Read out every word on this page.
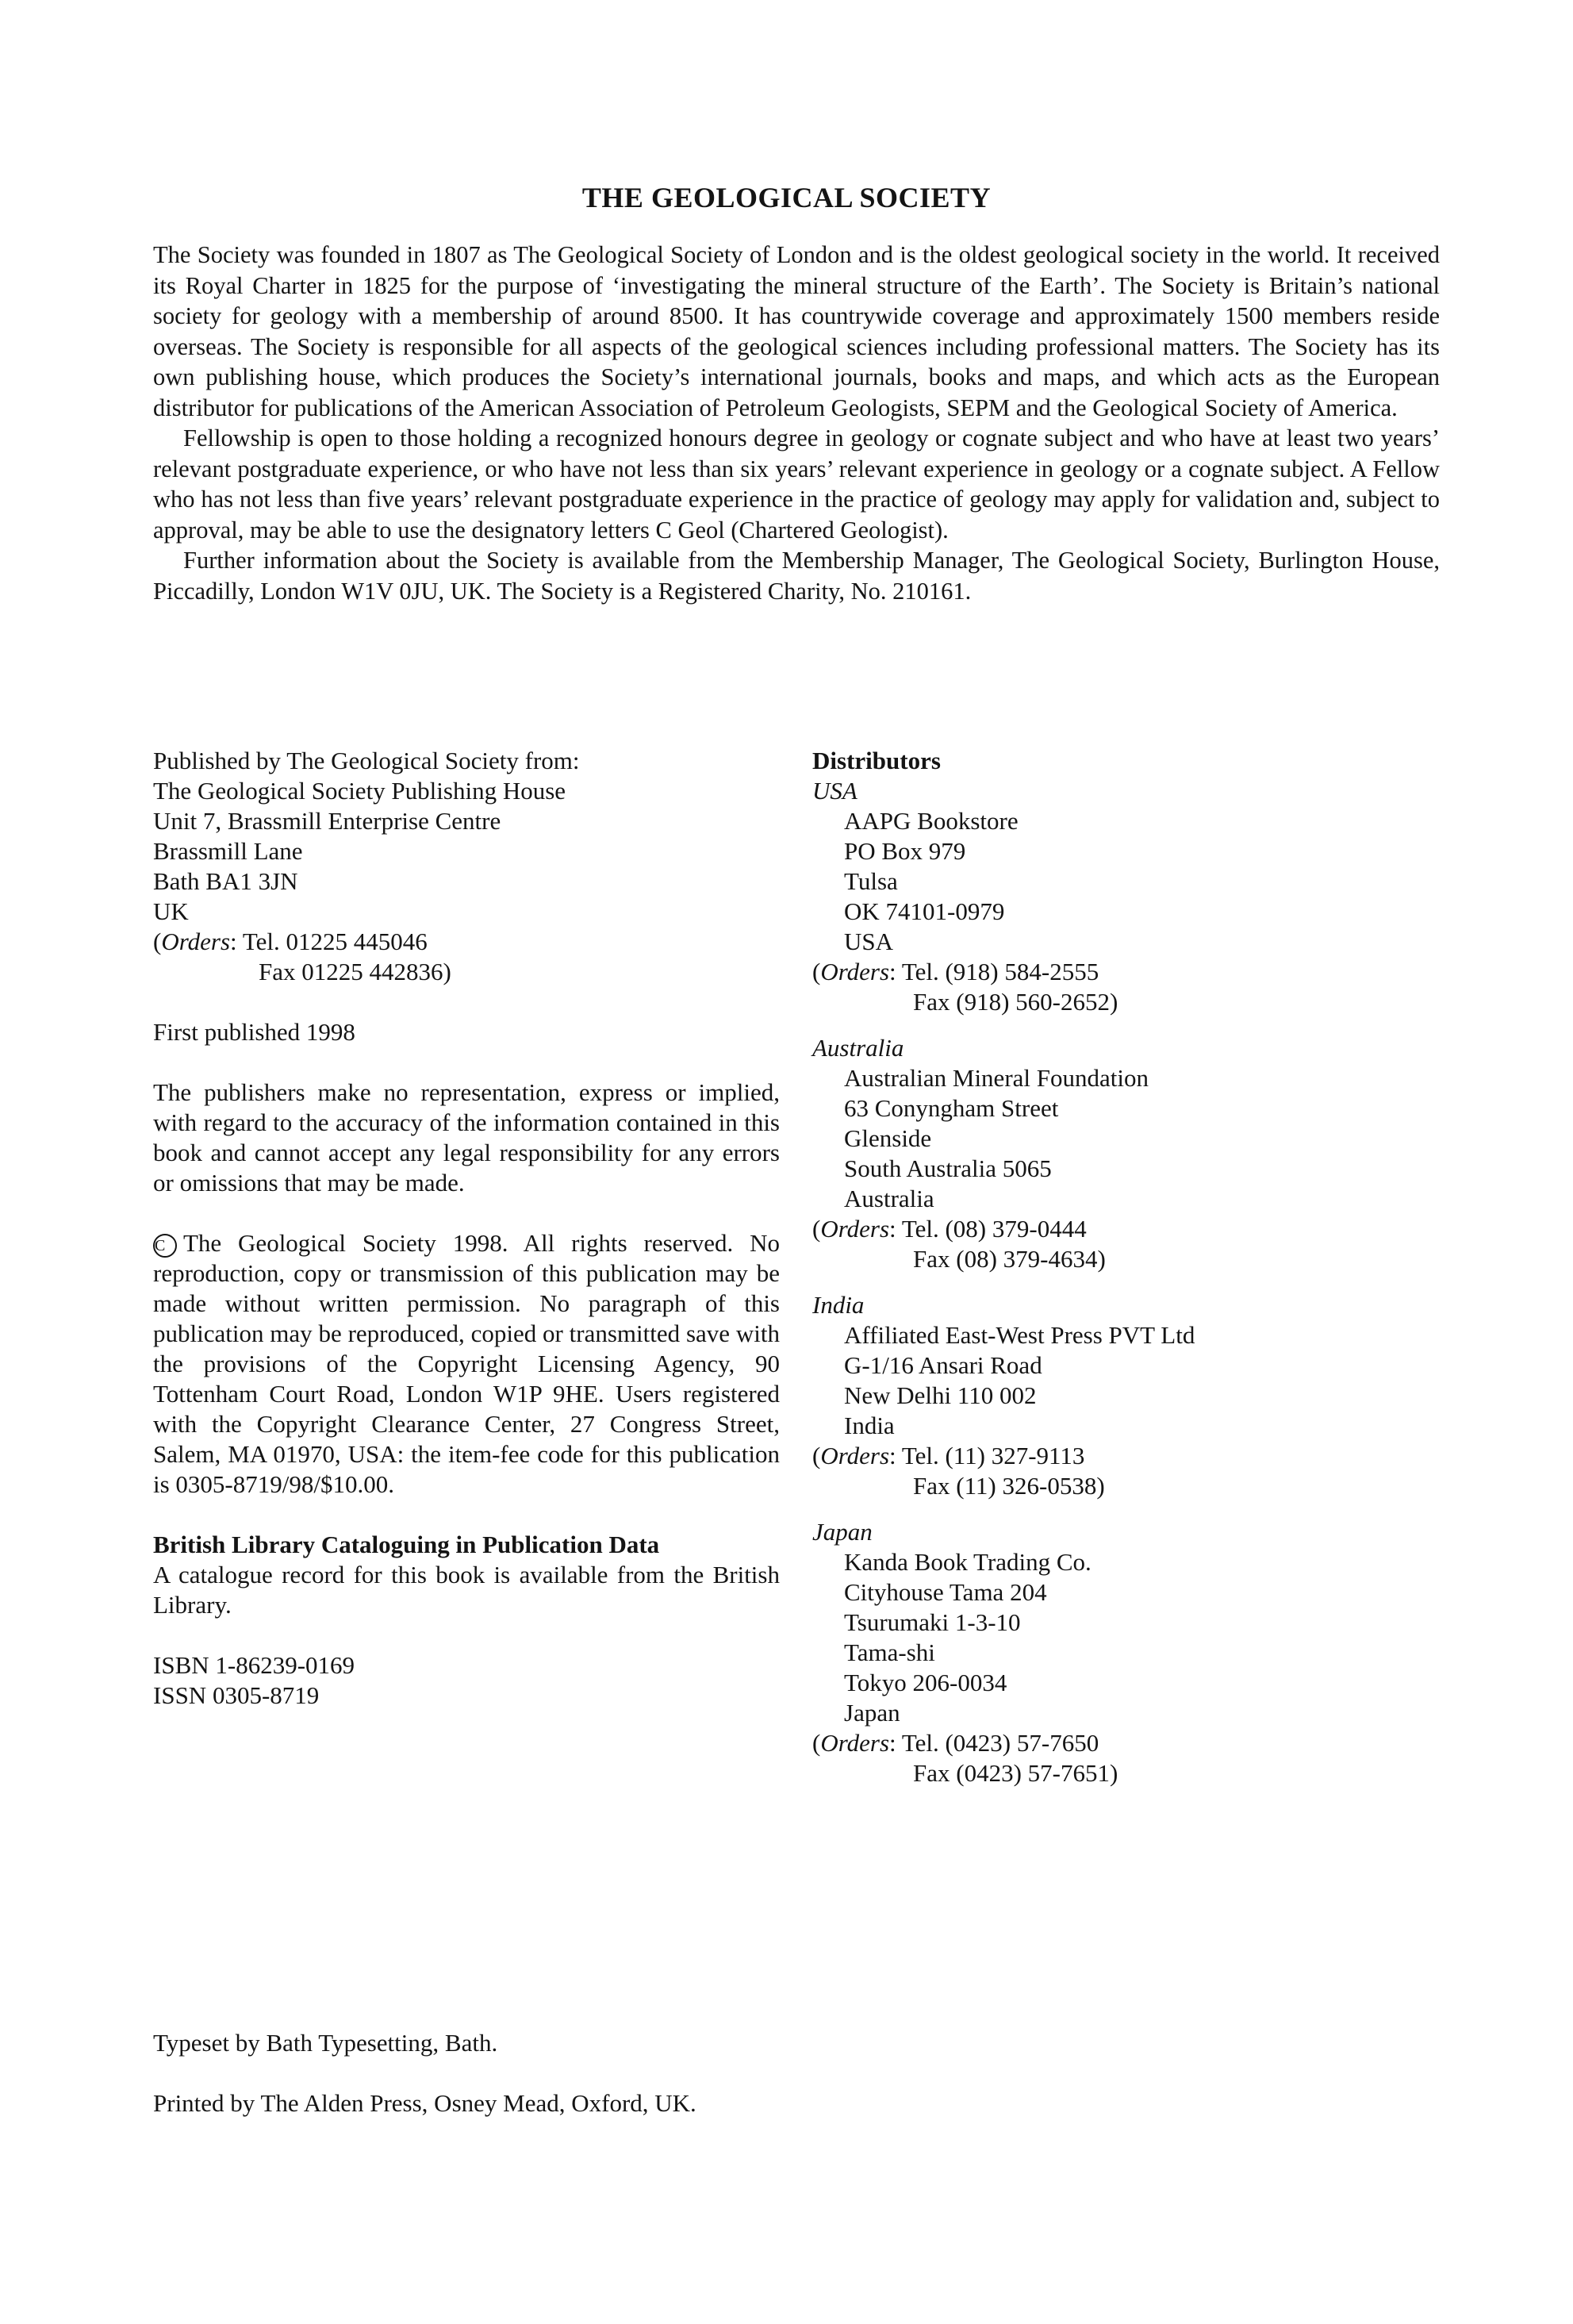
THE GEOLOGICAL SOCIETY

The Society was founded in 1807 as The Geological Society of London and is the oldest geological society in the world. It received its Royal Charter in 1825 for the purpose of ‘investigating the mineral structure of the Earth’. The Society is Britain’s national society for geology with a membership of around 8500. It has countrywide coverage and approximately 1500 members reside overseas. The Society is responsible for all aspects of the geological sciences including professional matters. The Society has its own publishing house, which produces the Society’s international journals, books and maps, and which acts as the European distributor for publications of the American Association of Petroleum Geologists, SEPM and the Geological Society of America.

Fellowship is open to those holding a recognized honours degree in geology or cognate subject and who have at least two years’ relevant postgraduate experience, or who have not less than six years’ relevant experience in geology or a cognate subject. A Fellow who has not less than five years’ relevant postgraduate experience in the practice of geology may apply for validation and, subject to approval, may be able to use the designatory letters C Geol (Chartered Geologist).

Further information about the Society is available from the Membership Manager, The Geological Society, Burlington House, Piccadilly, London W1V 0JU, UK. The Society is a Registered Charity, No. 210161.

Published by The Geological Society from:
The Geological Society Publishing House
Unit 7, Brassmill Enterprise Centre
Brassmill Lane
Bath BA1 3JN
UK
(Orders: Tel. 01225 445046
Fax 01225 442836)
First published 1998

The publishers make no representation, express or implied, with regard to the accuracy of the information contained in this book and cannot accept any legal responsibility for any errors or omissions that may be made.

C The Geological Society 1998. All rights reserved. No reproduction, copy or transmission of this publication may be made without written permission. No paragraph of this publication may be reproduced, copied or transmitted save with the provisions of the Copyright Licensing Agency, 90 Tottenham Court Road, London W1P 9HE. Users registered with the Copyright Clearance Center, 27 Congress Street, Salem, MA 01970, USA: the item-fee code for this publication is 0305-8719/98/$10.00.

British Library Cataloguing in Publication Data

A catalogue record for this book is available from the British Library.

ISBN 1-86239-0169
ISSN 0305-8719
Distributors
USA
AAPG Bookstore
PO Box 979
Tulsa
OK 74101-0979
USA
(Orders: Tel. (918) 584-2555
Fax (918) 560-2652)
Australia
Australian Mineral Foundation
63 Conyngham Street
Glenside
South Australia 5065
Australia
(Orders: Tel. (08) 379-0444
Fax (08) 379-4634)
India
Affiliated East-West Press PVT Ltd
G-1/16 Ansari Road
New Delhi 110 002
India
(Orders: Tel. (11) 327-9113
Fax (11) 326-0538)
Japan
Kanda Book Trading Co.
Cityhouse Tama 204
Tsurumaki 1-3-10
Tama-shi
Tokyo 206-0034
Japan
(Orders: Tel. (0423) 57-7650
Fax (0423) 57-7651)

Typeset by Bath Typesetting, Bath.

Printed by The Alden Press, Osney Mead, Oxford, UK.
